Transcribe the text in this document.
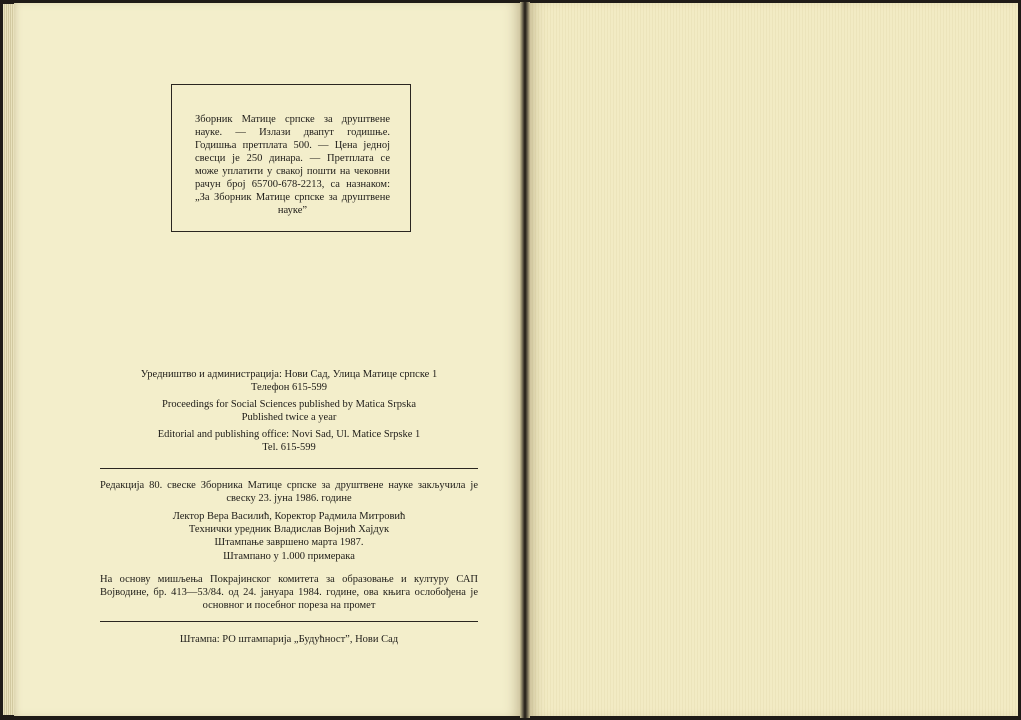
Зборник Матице српске за друштвене науке. — Излази двапут годишње. Годишња претплата 500. — Цена једној свесци је 250 динара. — Претплата се може уплатити у свакој пошти на чековни рачун број 65700-678-2213, са назнаком: „За Зборник Матице српске за друштвене науке”

Уредништво и администрација: Нови Сад, Улица Матице српске 1

Телефон 615-599

Proceedings for Social Sciences published by Matica Srpska

Published twice a year

Editorial and publishing office: Novi Sad, Ul. Matice Srpske 1

Tel. 615-599

Редакција 80. свеске Зборника Матице српске за друштвене науке закључила је свеску 23. јуна 1986. године

Лектор Вера Василић, Коректор Радмила Митровић

Технички уредник Владислав Војнић Хајдук

Штампање завршено марта 1987.

Штампано у 1.000 примерака

На основу мишљења Покрајинског комитета за образовање и културу САП Војводине, бр. 413—53/84. од 24. јануара 1984. године, ова књига ослобођена је основног и посебног пореза на промет

Штампа: РО штампарија „Будућност”, Нови Сад
